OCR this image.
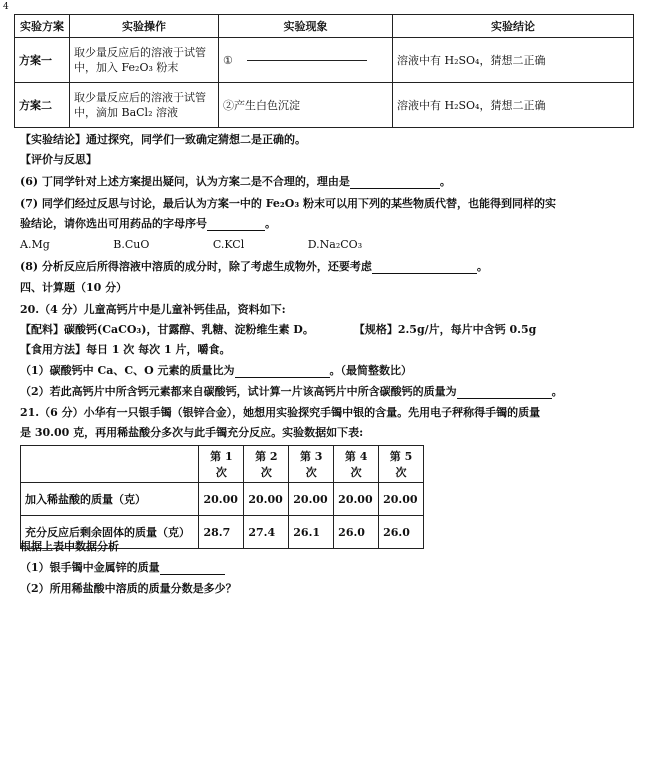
4
实验方案	实验操作	实验现象	实验结论
方案一	取少量反应后的溶液于试管中，加入 Fe₂O₃ 粉末	①	溶液中有 H₂SO₄，猜想二正确
方案二	取少量反应后的溶液于试管中，滴加 BaCl₂ 溶液	②产生白色沉淀	溶液中有 H₂SO₄，猜想二正确
【实验结论】通过探究，同学们一致确定猜想二是正确的。
【评价与反思】
(6) 丁同学针对上述方案提出疑问，认为方案二是不合理的，理由是	。
(7) 同学们经过反思与讨论，最后认为方案一中的 Fe₂O₃ 粉末可以用下列的某些物质代替，也能得到同样的实
验结论，请你选出可用药品的字母序号	。
A.Mg	B.CuO	C.KCl	D.Na₂CO₃
(8) 分析反应后所得溶液中溶质的成分时，除了考虑生成物外，还要考虑	。
四、计算题（10 分）
20.（4 分）儿童高钙片中是儿童补钙佳品，资料如下:
【配料】碳酸钙(CaCO₃)，甘露醇、乳糖、淀粉维生素 D。	【规格】2.5g/片，每片中含钙 0.5g
【食用方法】每日 1 次 每次 1 片，嚼食。
（1）碳酸钙中 Ca、C、O 元素的质量比为	。（最简整数比）
（2）若此高钙片中所含钙元素都来自碳酸钙，试计算一片该高钙片中所含碳酸钙的质量为	。
21.（6 分）小华有一只银手镯（银锌合金），她想用实验探究手镯中银的含量。先用电子秤称得手镯的质量
是 30.00 克，再用稀盐酸分多次与此手镯充分反应。实验数据如下表:
	第 1 次	第 2 次	第 3 次	第 4 次	第 5 次
加入稀盐酸的质量（克）	20.00	20.00	20.00	20.00	20.00
充分反应后剩余固体的质量（克）	28.7	27.4	26.1	26.0	26.0
根据上表中数据分析
（1）银手镯中金属锌的质量
（2）所用稀盐酸中溶质的质量分数是多少？
